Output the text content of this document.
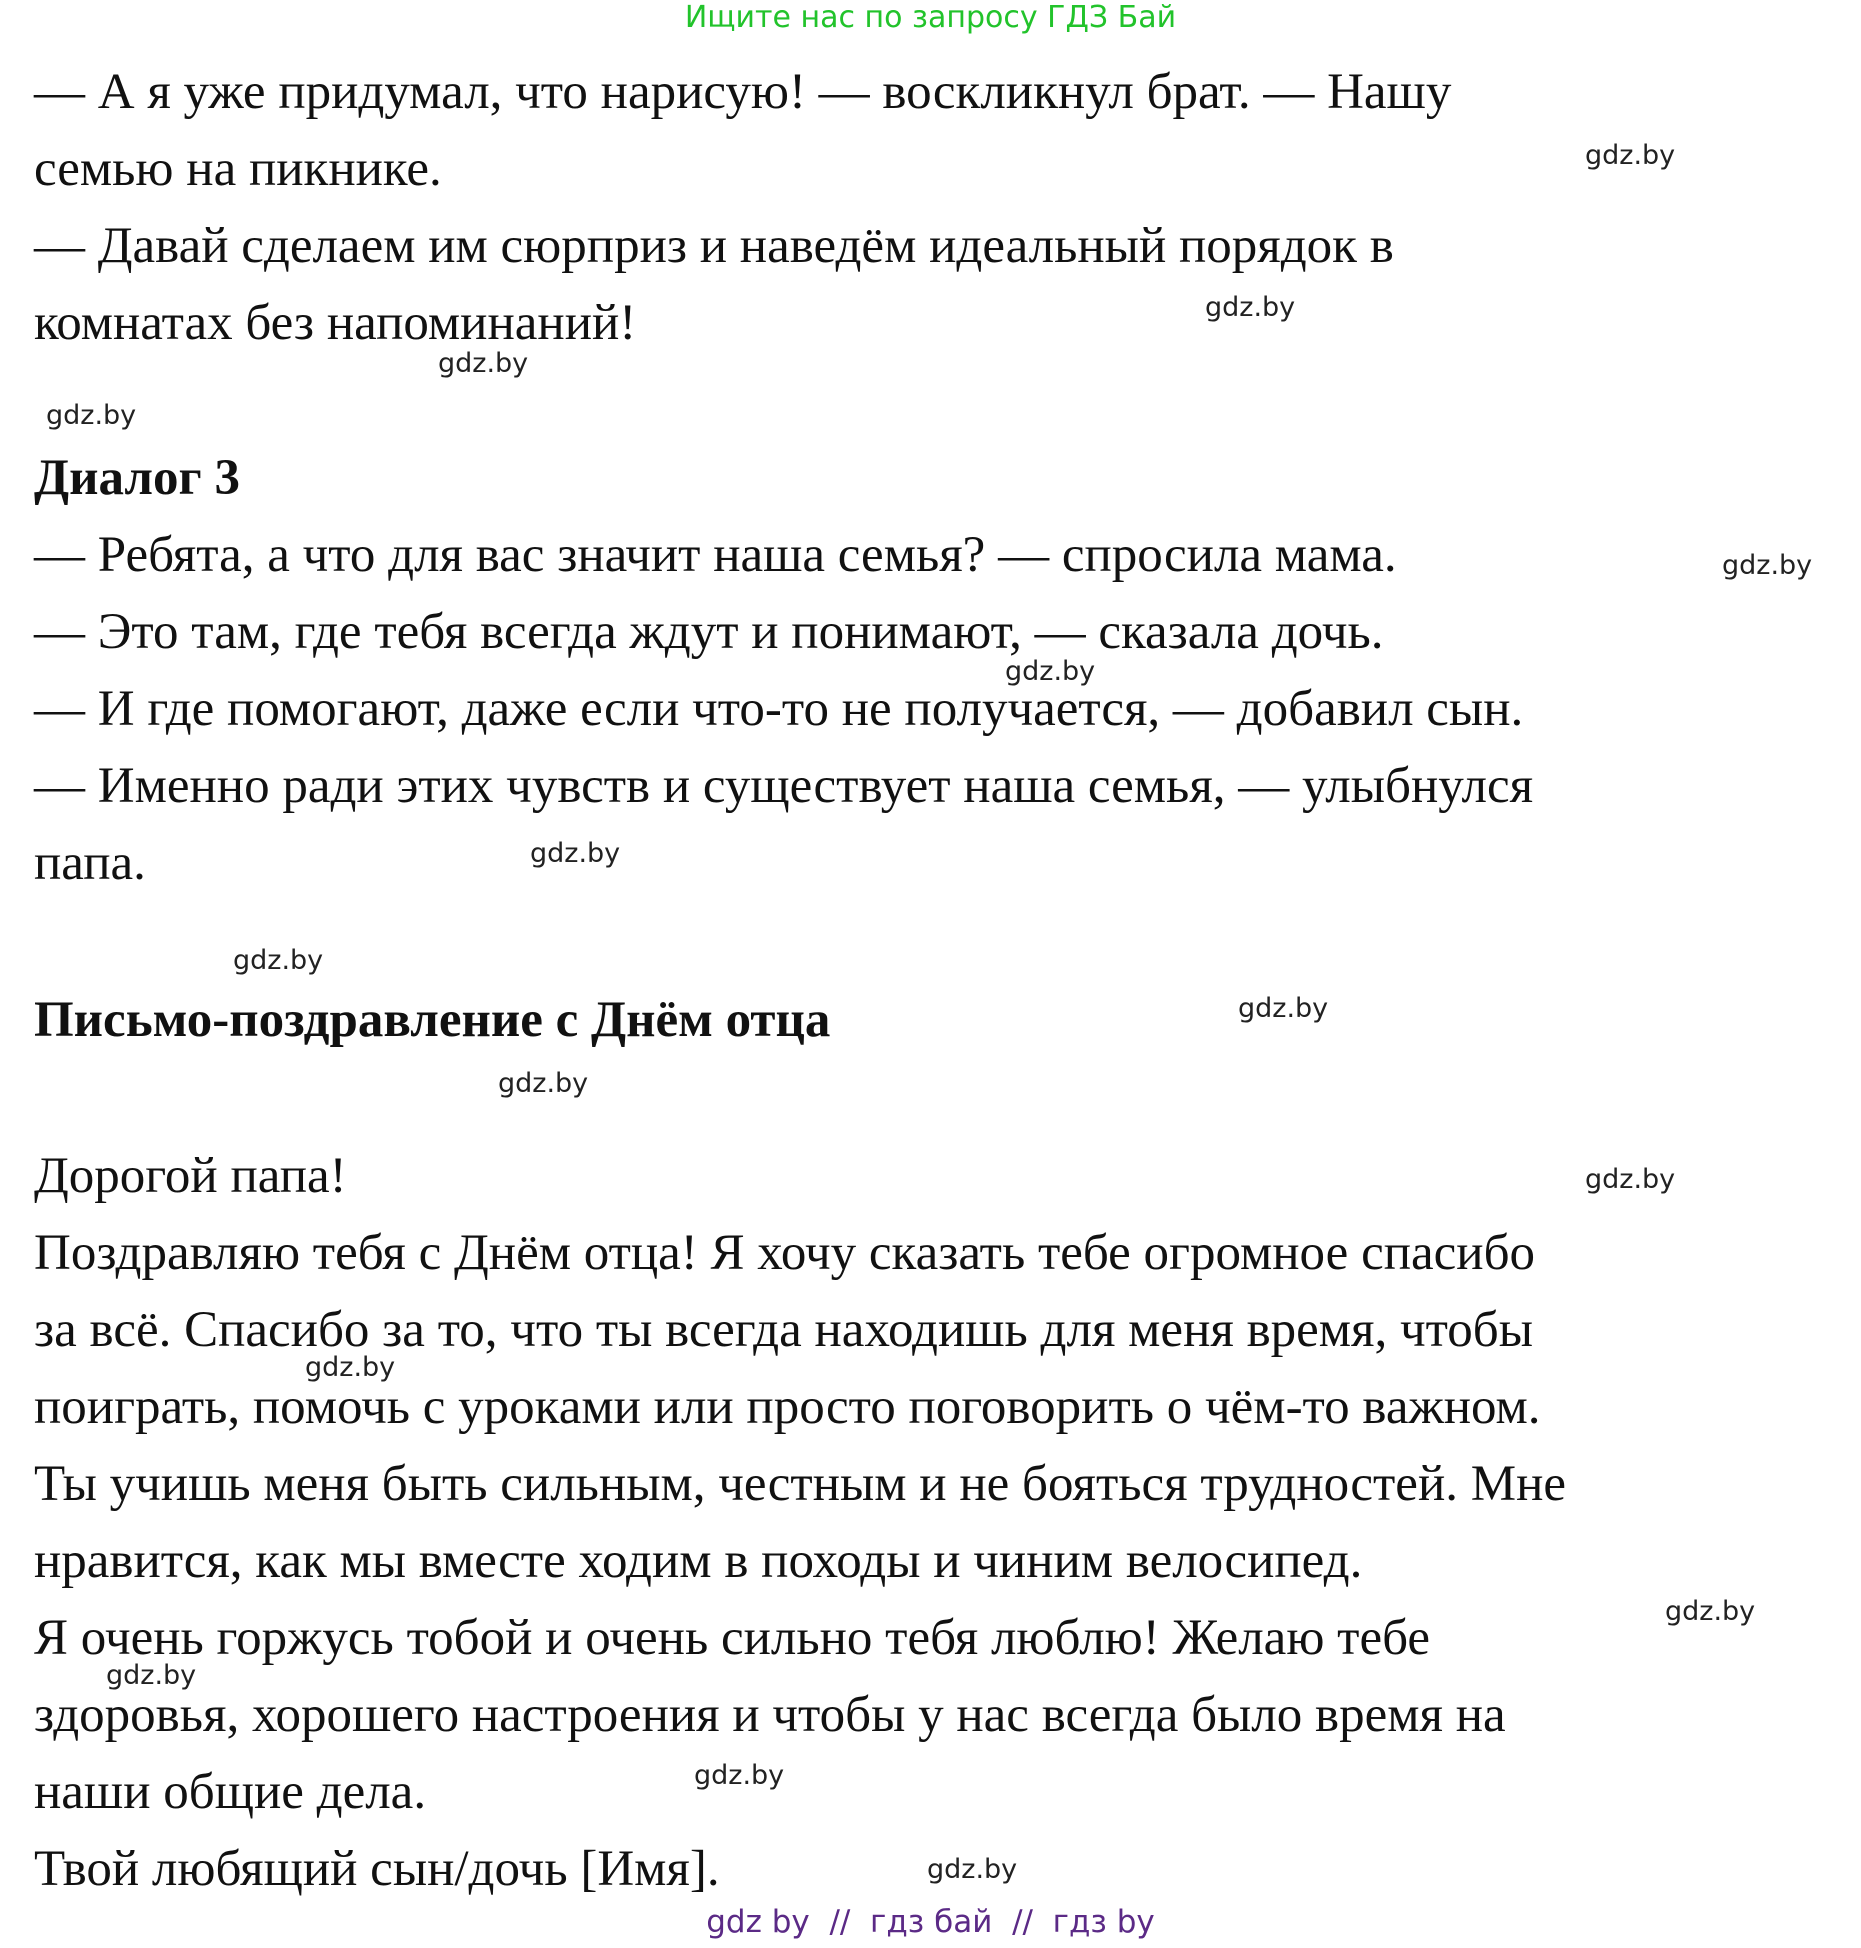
Ищите нас по запросу ГДЗ Бай
— А я уже придумал, что нарисую! — воскликнул брат. — Нашу
семью на пикнике.
— Давай сделаем им сюрприз и наведём идеальный порядок в
комнатах без напоминаний!
Диалог 3
— Ребята, а что для вас значит наша семья? — спросила мама.
— Это там, где тебя всегда ждут и понимают, — сказала дочь.
— И где помогают, даже если что-то не получается, — добавил сын.
— Именно ради этих чувств и существует наша семья, — улыбнулся
папа.
Письмо-поздравление с Днём отца
Дорогой папа!
Поздравляю тебя с Днём отца! Я хочу сказать тебе огромное спасибо
за всё. Спасибо за то, что ты всегда находишь для меня время, чтобы
поиграть, помочь с уроками или просто поговорить о чём-то важном.
Ты учишь меня быть сильным, честным и не бояться трудностей. Мне
нравится, как мы вместе ходим в походы и чиним велосипед.
Я очень горжусь тобой и очень сильно тебя люблю! Желаю тебе
здоровья, хорошего настроения и чтобы у нас всегда было время на
наши общие дела.
Твой любящий сын/дочь [Имя].
gdz.by
gdz.by
gdz.by
gdz.by
gdz.by
gdz.by
gdz.by
gdz.by
gdz.by
gdz.by
gdz.by
gdz.by
gdz.by
gdz.by
gdz.by
gdz.by
gdz by  //  гдз бай  //  гдз by
